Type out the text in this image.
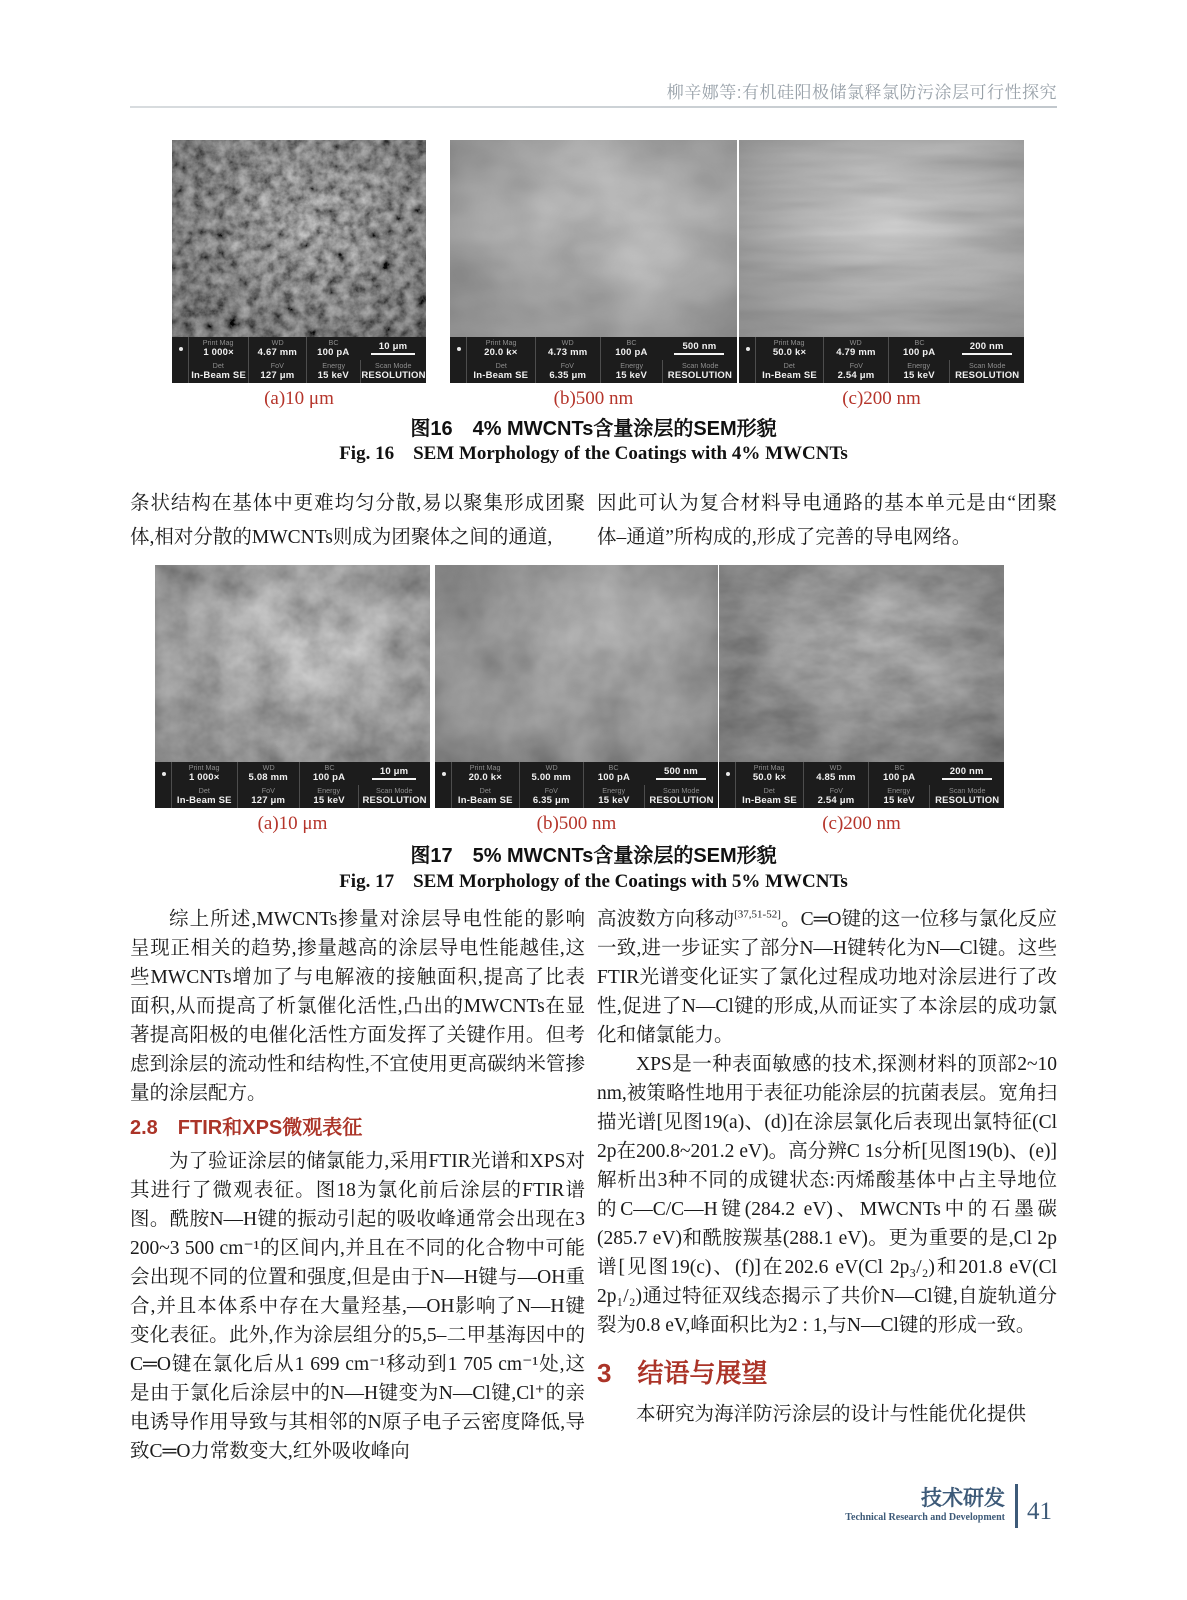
柳辛娜等:有机硅阳极储氯释氯防污涂层可行性探究
Print Mag
1 000×
WD
4.67 mm
BC
100 pA
10 μm
Det
In-Beam SE
FoV
127 μm
Energy
15 keV
Scan Mode
RESOLUTION
Print Mag
20.0 k×
WD
4.73 mm
BC
100 pA
500 nm
Det
In-Beam SE
FoV
6.35 μm
Energy
15 keV
Scan Mode
RESOLUTION
Print Mag
50.0 k×
WD
4.79 mm
BC
100 pA
200 nm
Det
In-Beam SE
FoV
2.54 μm
Energy
15 keV
Scan Mode
RESOLUTION
(a)10 μm	(b)500 nm	(c)200 nm
图16　4% MWCNTs含量涂层的SEM形貌
Fig. 16　SEM Morphology of the Coatings with 4% MWCNTs

条状结构在基体中更难均匀分散,易以聚集形成团聚体,相对分散的MWCNTs则成为团聚体之间的通道,

因此可认为复合材料导电通路的基本单元是由“团聚体–通道”所构成的,形成了完善的导电网络。

Print Mag
1 000×
WD
5.08 mm
BC
100 pA
10 μm
Det
In-Beam SE
FoV
127 μm
Energy
15 keV
Scan Mode
RESOLUTION
Print Mag
20.0 k×
WD
5.00 mm
BC
100 pA
500 nm
Det
In-Beam SE
FoV
6.35 μm
Energy
15 keV
Scan Mode
RESOLUTION
Print Mag
50.0 k×
WD
4.85 mm
BC
100 pA
200 nm
Det
In-Beam SE
FoV
2.54 μm
Energy
15 keV
Scan Mode
RESOLUTION
(a)10 μm	(b)500 nm	(c)200 nm
图17　5% MWCNTs含量涂层的SEM形貌
Fig. 17　SEM Morphology of the Coatings with 5% MWCNTs

综上所述,MWCNTs掺量对涂层导电性能的影响呈现正相关的趋势,掺量越高的涂层导电性能越佳,这些MWCNTs增加了与电解液的接触面积,提高了比表面积,从而提高了析氯催化活性,凸出的MWCNTs在显著提高阳极的电催化活性方面发挥了关键作用。但考虑到涂层的流动性和结构性,不宜使用更高碳纳米管掺量的涂层配方。

2.8　FTIR和XPS微观表征

为了验证涂层的储氯能力,采用FTIR光谱和XPS对其进行了微观表征。图18为氯化前后涂层的FTIR谱图。酰胺N—H键的振动引起的吸收峰通常会出现在3 200~3 500 cm⁻¹的区间内,并且在不同的化合物中可能会出现不同的位置和强度,但是由于N—H键与—OH重合,并且本体系中存在大量羟基,—OH影响了N—H键变化表征。此外,作为涂层组分的5,5–二甲基海因中的C═O键在氯化后从1 699 cm⁻¹移动到1 705 cm⁻¹处,这是由于氯化后涂层中的N—H键变为N—Cl键,Cl⁺的亲电诱导作用导致与其相邻的N原子电子云密度降低,导致C═O力常数变大,红外吸收峰向

高波数方向移动[37,51-52]。C═O键的这一位移与氯化反应一致,进一步证实了部分N—H键转化为N—Cl键。这些FTIR光谱变化证实了氯化过程成功地对涂层进行了改性,促进了N—Cl键的形成,从而证实了本涂层的成功氯化和储氯能力。

XPS是一种表面敏感的技术,探测材料的顶部2~10 nm,被策略性地用于表征功能涂层的抗菌表层。宽角扫描光谱[见图19(a)、(d)]在涂层氯化后表现出氯特征(Cl 2p在200.8~201.2 eV)。高分辨C 1s分析[见图19(b)、(e)]解析出3种不同的成键状态:丙烯酸基体中占主导地位的C—C/C—H键(284.2 eV)、MWCNTs中的石墨碳(285.7 eV)和酰胺羰基(288.1 eV)。更为重要的是,Cl 2p谱[见图19(c)、(f)]在202.6 eV(Cl 2p₃/₂)和201.8 eV(Cl 2p₁/₂)通过特征双线态揭示了共价N—Cl键,自旋轨道分裂为0.8 eV,峰面积比为2 : 1,与N—Cl键的形成一致。

3　结语与展望

本研究为海洋防污涂层的设计与性能优化提供

技术研发
Technical Research and Development 41
